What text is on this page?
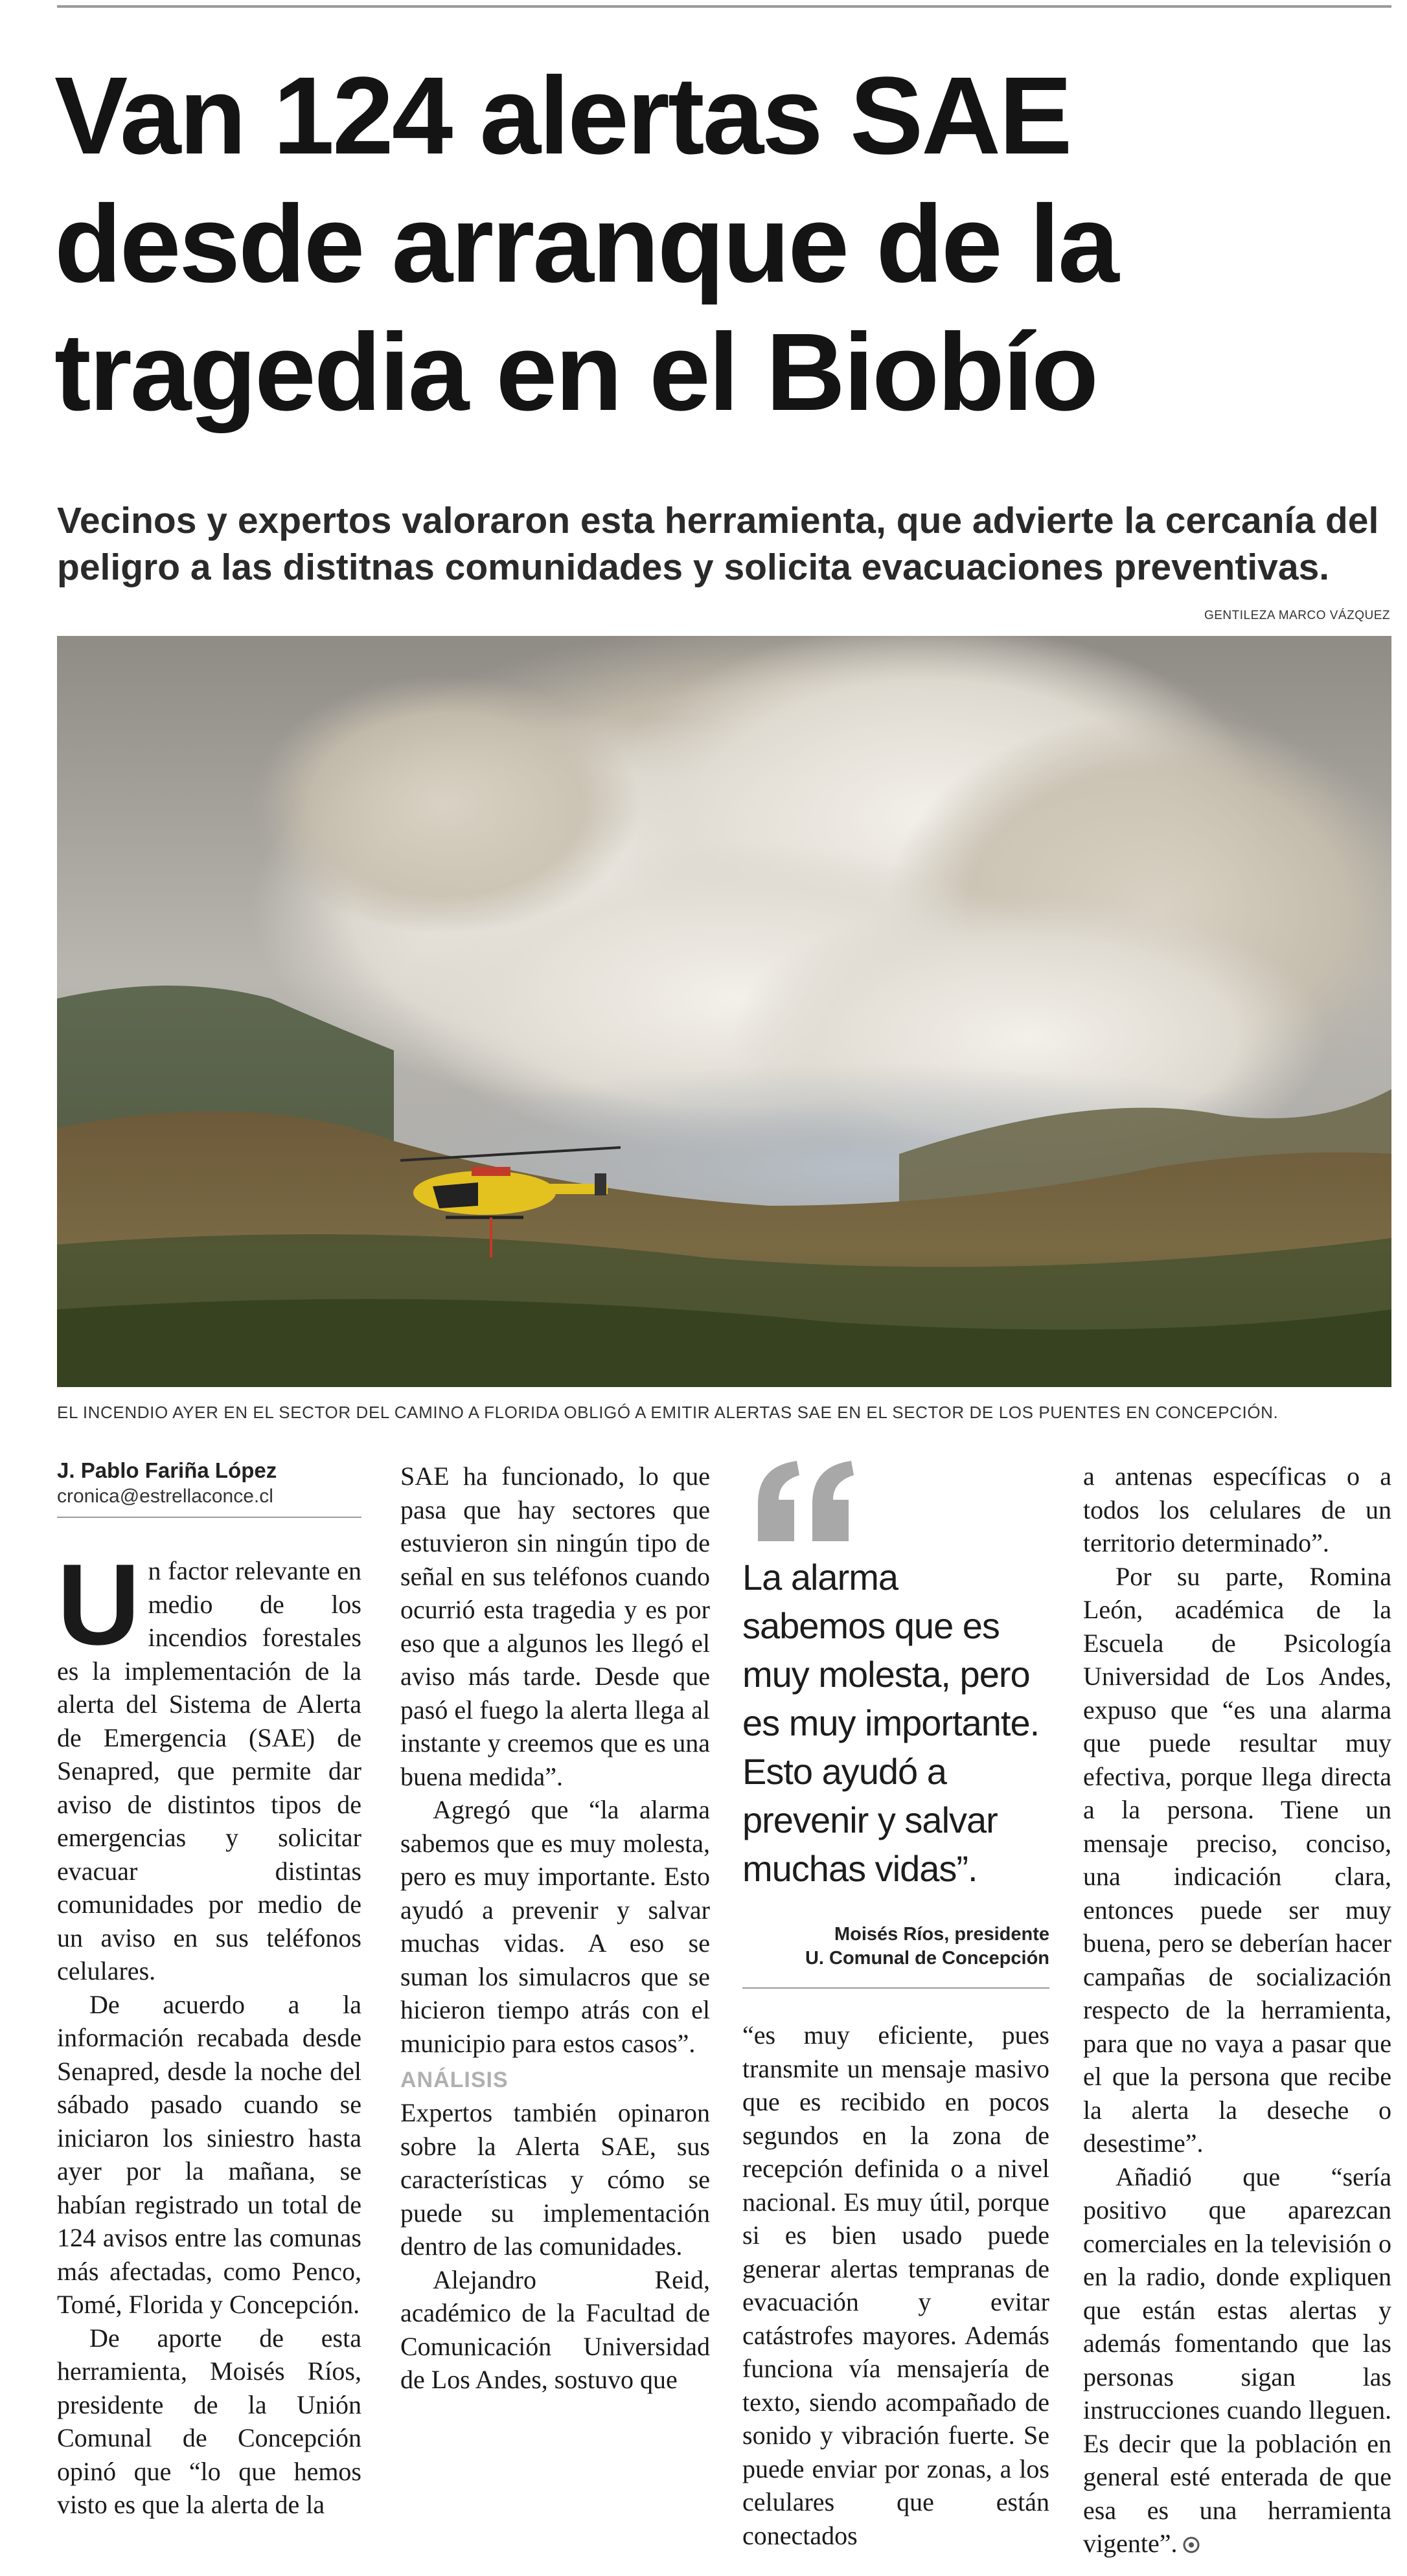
Van 124 alertas SAE
desde arranque de la
tragedia en el Biobío

Vecinos y expertos valoraron esta herramienta, que advierte la cercanía del peligro a las distitnas comunidades y solicita evacuaciones preventivas.

GENTILEZA MARCO VÁZQUEZ
EL INCENDIO AYER EN EL SECTOR DEL CAMINO A FLORIDA OBLIGÓ A EMITIR ALERTAS SAE EN EL SECTOR DE LOS PUENTES EN CONCEPCIÓN.
J. Pablo Fariña López
cronica@estrellaconce.cl

Un factor relevante en medio de los incendios forestales es la implementación de la alerta del Sistema de Alerta de Emergencia (SAE) de Senapred, que permite dar aviso de distintos tipos de emergencias y solicitar evacuar distintas comunidades por medio de un aviso en sus teléfonos celulares.

De acuerdo a la información recabada desde Senapred, desde la noche del sábado pasado cuando se iniciaron los siniestro hasta ayer por la mañana, se habían registrado un total de 124 avisos entre las comunas más afectadas, como Penco, Tomé, Florida y Concepción.

De aporte de esta herramienta, Moisés Ríos, presidente de la Unión Comunal de Concepción opinó que “lo que hemos visto es que la alerta de la

SAE ha funcionado, lo que pasa que hay sectores que estuvieron sin ningún tipo de señal en sus teléfonos cuando ocurrió esta tragedia y es por eso que a algunos les llegó el aviso más tarde. Desde que pasó el fuego la alerta llega al instante y creemos que es una buena medida”.

Agregó que “la alarma sabemos que es muy molesta, pero es muy importante. Esto ayudó a prevenir y salvar muchas vidas. A eso se suman los simulacros que se hicieron tiempo atrás con el municipio para estos casos”.

ANÁLISIS

Expertos también opinaron sobre la Alerta SAE, sus características y cómo se puede su implementación dentro de las comunidades.

Alejandro Reid, académico de la Facultad de Comunicación Universidad de Los Andes, sostuvo que

La alarma sabemos que es muy molesta, pero es muy importante. Esto ayudó a prevenir y salvar muchas vidas”.
Moisés Ríos, presidente
U. Comunal de Concepción

“es muy eficiente, pues transmite un mensaje masivo que es recibido en pocos segundos en la zona de recepción definida o a nivel nacional. Es muy útil, porque si es bien usado puede generar alertas tempranas de evacuación y evitar catástrofes mayores. Además funciona vía mensajería de texto, siendo acompañado de sonido y vibración fuerte. Se puede enviar por zonas, a los celulares que están conectados

a antenas específicas o a todos los celulares de un territorio determinado”.

Por su parte, Romina León, académica de la Escuela de Psicología Universidad de Los Andes, expuso que “es una alarma que puede resultar muy efectiva, porque llega directa a la persona. Tiene un mensaje preciso, conciso, una indicación clara, entonces puede ser muy buena, pero se deberían hacer campañas de socialización respecto de la herramienta, para que no vaya a pasar que el que la persona que recibe la alerta la deseche o desestime”.

Añadió que “sería positivo que aparezcan comerciales en la televisión o en la radio, donde expliquen que están estas alertas y además fomentando que las personas sigan las instrucciones cuando lleguen. Es decir que la población en general esté enterada de que esa es una herramienta vigente”.
